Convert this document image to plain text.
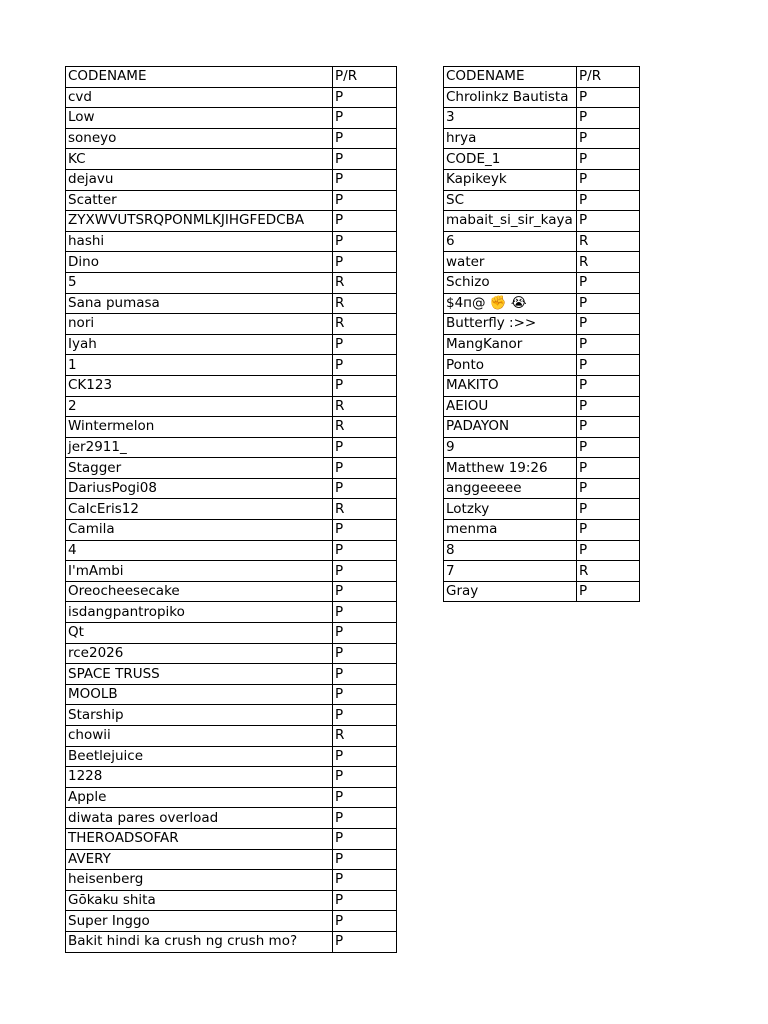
CODENAME	P/R
cvd	P
Low	P
soneyo	P
KC	P
dejavu	P
Scatter	P
ZYXWVUTSRQPONMLKJIHGFEDCBA	P
hashi	P
Dino	P
5	R
Sana pumasa	R
nori	R
Iyah	P
1	P
CK123	P
2	R
Wintermelon	R
jer2911_	P
Stagger	P
DariusPogi08	P
CalcEris12	R
Camila	P
4	P
I'mAmbi	P
Oreocheesecake	P
isdangpantropiko	P
Qt	P
rce2026	P
SPACE TRUSS	P
MOOLB	P
Starship	P
chowii	R
Beetlejuice	P
1228	P
Apple	P
diwata pares overload	P
THEROADSOFAR	P
AVERY	P
heisenberg	P
Gōkaku shita	P
Super Inggo	P
Bakit hindi ka crush ng crush mo?	P
CODENAME	P/R
Chrolinkz Bautista	P
3	P
hrya	P
CODE_1	P
Kapikeyk	P
SC	P
mabait_si_sir_kaya	P
6	R
water	R
Schizo	P
$4п@ ✊ 😭	P
Butterfly :>>	P
MangKanor	P
Ponto	P
MAKITO	P
AEIOU	P
PADAYON	P
9	P
Matthew 19:26	P
anggeeeee	P
Lotzky	P
menma	P
8	P
7	R
Gray	P
